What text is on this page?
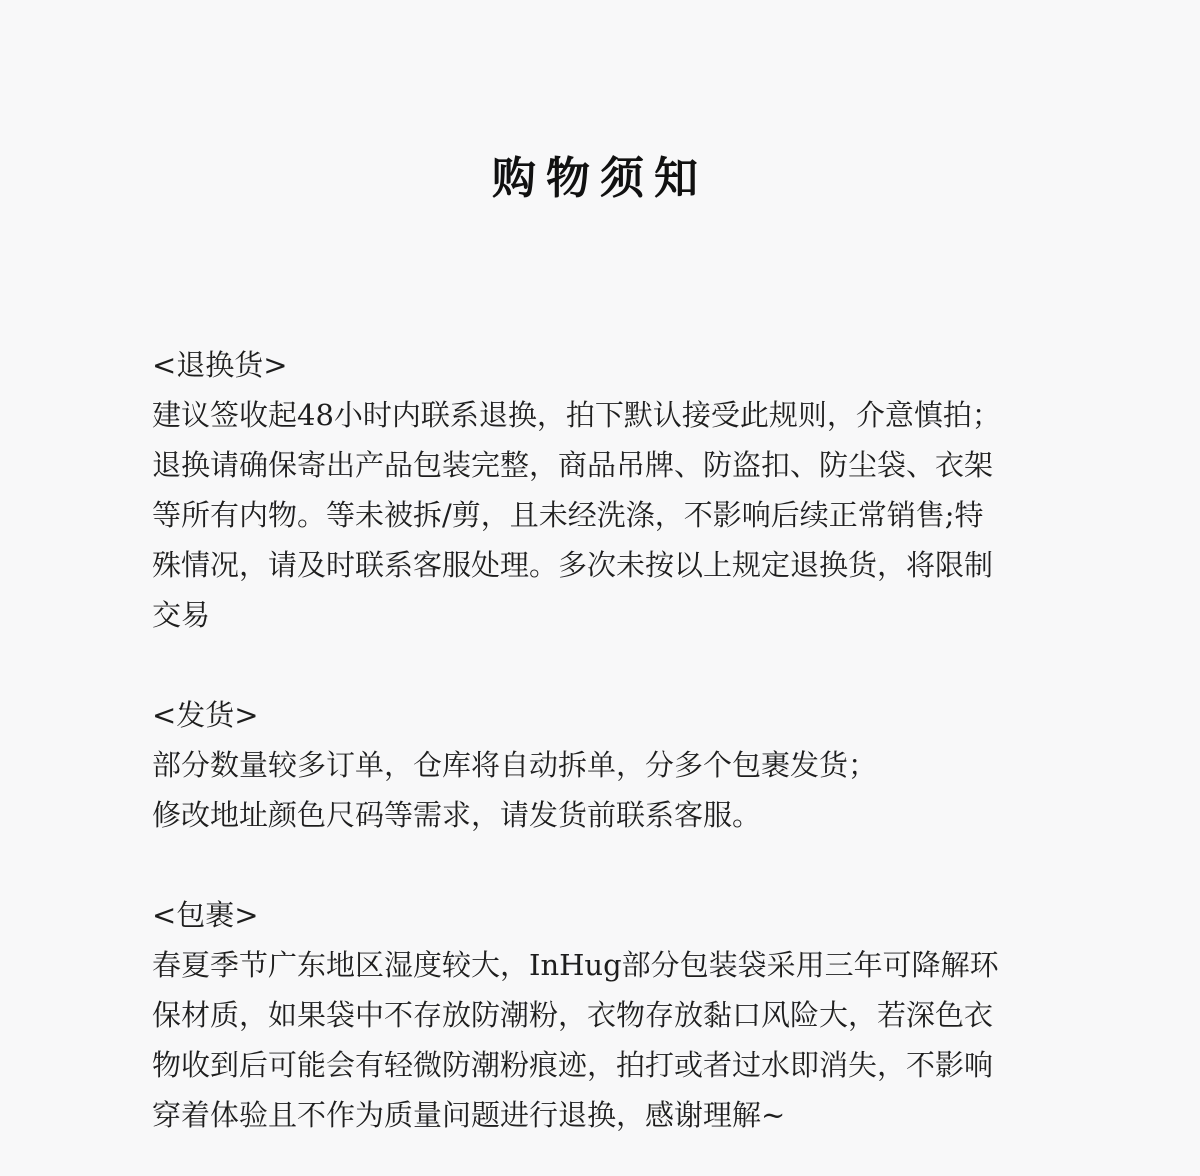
购物须知
<退换货>
建议签收起48小时内联系退换，拍下默认接受此规则，介意慎拍；
退换请确保寄出产品包装完整，商品吊牌、防盗扣、防尘袋、衣架
等所有内物。等未被拆/剪，且未经洗涤，不影响后续正常销售;特
殊情况，请及时联系客服处理。多次未按以上规定退换货，将限制
交易
<发货>
部分数量较多订单，仓库将自动拆单，分多个包裹发货；
修改地址颜色尺码等需求，请发货前联系客服。
<包裹>
春夏季节广东地区湿度较大，InHug部分包装袋采用三年可降解环
保材质，如果袋中不存放防潮粉，衣物存放黏口风险大，若深色衣
物收到后可能会有轻微防潮粉痕迹，拍打或者过水即消失，不影响
穿着体验且不作为质量问题进行退换，感谢理解~
